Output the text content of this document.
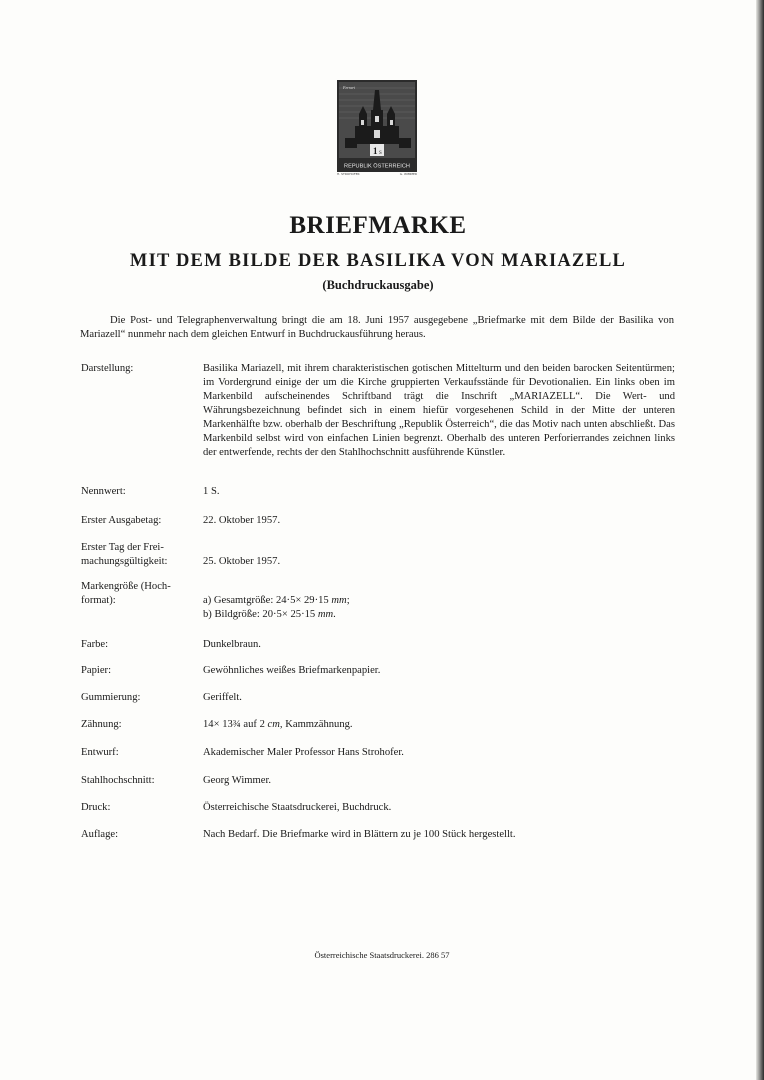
1 S
Ferrari
REPUBLIK ÖSTERREICH
H. STROHOFER	G. WIMMER
BRIEFMARKE
MIT DEM BILDE DER BASILIKA VON MARIAZELL
(Buchdruckausgabe)
Die Post- und Telegraphenverwaltung bringt die am 18. Juni 1957 ausgegebene „Briefmarke mit dem Bilde der Basilika von Mariazell“ nunmehr nach dem gleichen Entwurf in Buchdruckausführung heraus.
Darstellung:	Basilika Mariazell, mit ihrem charakteristischen gotischen Mittelturm und den beiden barocken Seitentürmen; im Vordergrund einige der um die Kirche gruppierten Verkaufsstände für Devotionalien. Ein links oben im Markenbild aufscheinendes Schriftband trägt die Inschrift „MARIAZELL“. Die Wert- und Währungsbezeichnung befindet sich in einem hiefür vorgesehenen Schild in der Mitte der unteren Markenhälfte bzw. oberhalb der Beschriftung „Republik Österreich“, die das Motiv nach unten abschließt. Das Markenbild selbst wird von einfachen Linien begrenzt. Oberhalb des unteren Perforierrandes zeichnen links der entwerfende, rechts der den Stahlhochschnitt ausführende Künstler.
Nennwert:	1 S.
Erster Ausgabetag:	22. Oktober 1957.
Erster Tag der Frei-
machungsgültigkeit:	25. Oktober 1957.
Markengröße (Hoch-
format):	a) Gesamtgröße: 24·5× 29·15 mm;
b) Bildgröße: 20·5× 25·15 mm.
Farbe:	Dunkelbraun.
Papier:	Gewöhnliches weißes Briefmarkenpapier.
Gummierung:	Geriffelt.
Zähnung:	14× 13¾ auf 2 cm, Kammzähnung.
Entwurf:	Akademischer Maler Professor Hans Strohofer.
Stahlhochschnitt:	Georg Wimmer.
Druck:	Österreichische Staatsdruckerei, Buchdruck.
Auflage:	Nach Bedarf. Die Briefmarke wird in Blättern zu je 100 Stück hergestellt.
Österreichische Staatsdruckerei. 286 57
